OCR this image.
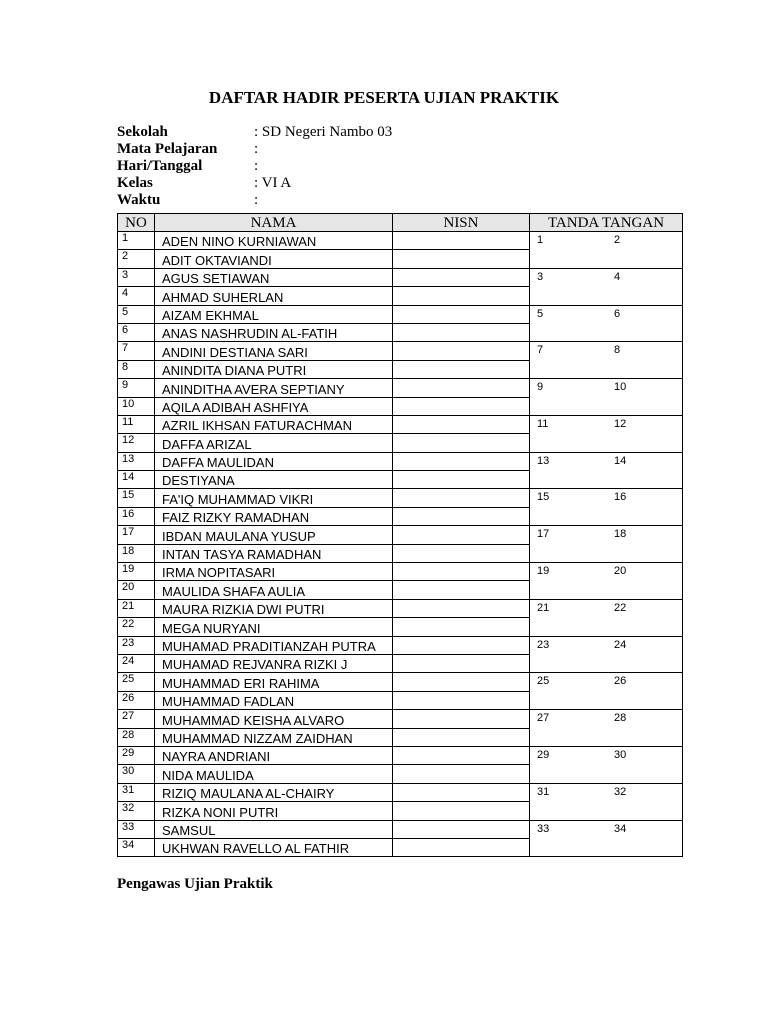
DAFTAR HADIR PESERTA UJIAN PRAKTIK
Sekolah	: SD Negeri Nambo 03
Mata Pelajaran	:
Hari/Tanggal	:
Kelas	: VI A
Waktu	:
NO	NAMA	NISN	TANDA TANGAN
1	ADEN NINO KURNIAWAN		1 2

2	ADIT OKTAVIANDI		
3	AGUS SETIAWAN		3 4

4	AHMAD SUHERLAN		
5	AIZAM EKHMAL		5 6

6	ANAS NASHRUDIN AL-FATIH		
7	ANDINI DESTIANA SARI		7 8

8	ANINDITA DIANA PUTRI		
9	ANINDITHA AVERA SEPTIANY		9 10

10	AQILA ADIBAH ASHFIYA		
11	AZRIL IKHSAN FATURACHMAN		11 12

12	DAFFA ARIZAL		
13	DAFFA MAULIDAN		13 14

14	DESTIYANA		
15	FA'IQ MUHAMMAD VIKRI		15 16

16	FAIZ RIZKY RAMADHAN		
17	IBDAN MAULANA YUSUP		17 18

18	INTAN TASYA RAMADHAN		
19	IRMA NOPITASARI		19 20

20	MAULIDA SHAFA AULIA		
21	MAURA RIZKIA DWI PUTRI		21 22

22	MEGA NURYANI		
23	MUHAMAD PRADITIANZAH PUTRA		23 24

24	MUHAMAD REJVANRA RIZKI J		
25	MUHAMMAD ERI RAHIMA		25 26

26	MUHAMMAD FADLAN		
27	MUHAMMAD KEISHA ALVARO		27 28

28	MUHAMMAD NIZZAM ZAIDHAN		
29	NAYRA ANDRIANI		29 30

30	NIDA MAULIDA		
31	RIZIQ MAULANA AL-CHAIRY		31 32

32	RIZKA NONI PUTRI		
33	SAMSUL		33 34

34	UKHWAN RAVELLO AL FATHIR		

Pengawas Ujian Praktik
